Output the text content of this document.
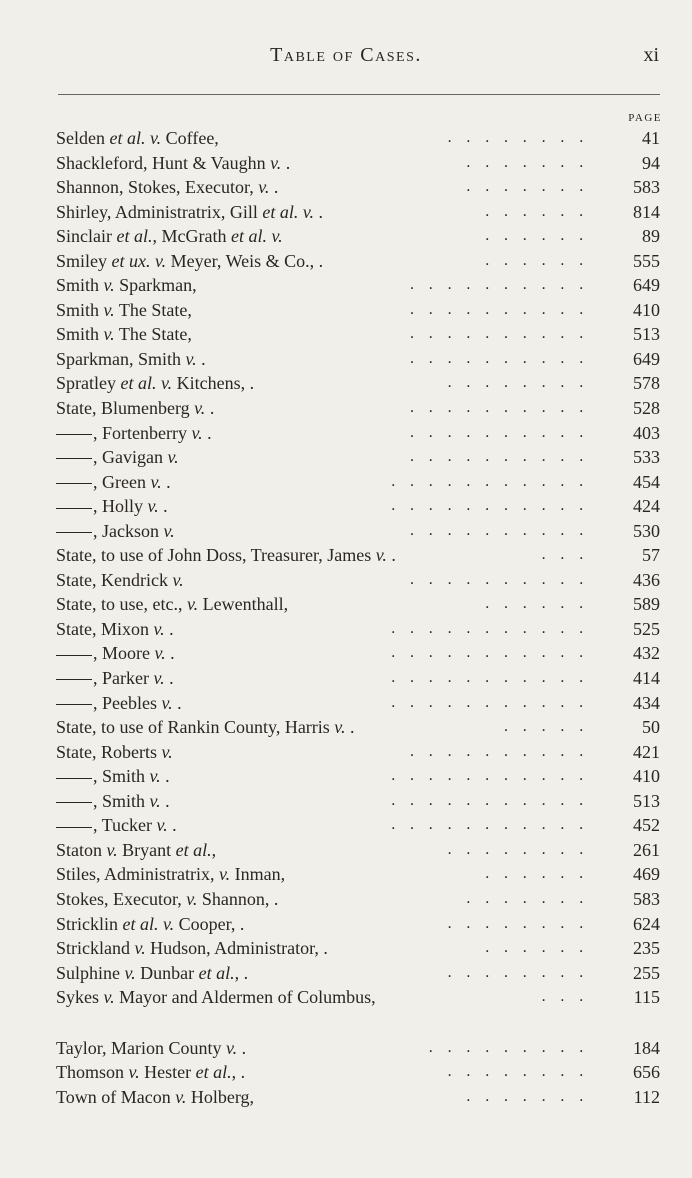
Table of Cases.	xi
PAGE
Selden et al. v. Coffee,	........	41
Shackleford, Hunt & Vaughn v. .	.......	94
Shannon, Stokes, Executor, v. .	.......	583
Shirley, Administratrix, Gill et al. v. .	......	814
Sinclair et al., McGrath et al. v.	......	89
Smiley et ux. v. Meyer, Weis & Co., .	......	555
Smith v. Sparkman,	..........	649
Smith v. The State,	..........	410
Smith v. The State,	..........	513
Sparkman, Smith v. .	..........	649
Spratley et al. v. Kitchens, .	........	578
State, Blumenberg v. .	..........	528
, Fortenberry v. .	..........	403
, Gavigan v.	..........	533
, Green v. .	...........	454
, Holly v. .	...........	424
, Jackson v.	..........	530
State, to use of John Doss, Treasurer, James v. .	...	57
State, Kendrick v.	..........	436
State, to use, etc., v. Lewenthall,	......	589
State, Mixon v. .	...........	525
, Moore v. .	...........	432
, Parker v. .	...........	414
, Peebles v. .	...........	434
State, to use of Rankin County, Harris v. .	.....	50
State, Roberts v.	..........	421
, Smith v. .	...........	410
, Smith v. .	...........	513
, Tucker v. .	...........	452
Staton v. Bryant et al.,	........	261
Stiles, Administratrix, v. Inman,	......	469
Stokes, Executor, v. Shannon, .	.......	583
Stricklin et al. v. Cooper, .	........	624
Strickland v. Hudson, Administrator, .	......	235
Sulphine v. Dunbar et al., .	........	255
Sykes v. Mayor and Aldermen of Columbus,	...	115
Taylor, Marion County v. .	.........	184
Thomson v. Hester et al., .	........	656
Town of Macon v. Holberg,	.......	112
